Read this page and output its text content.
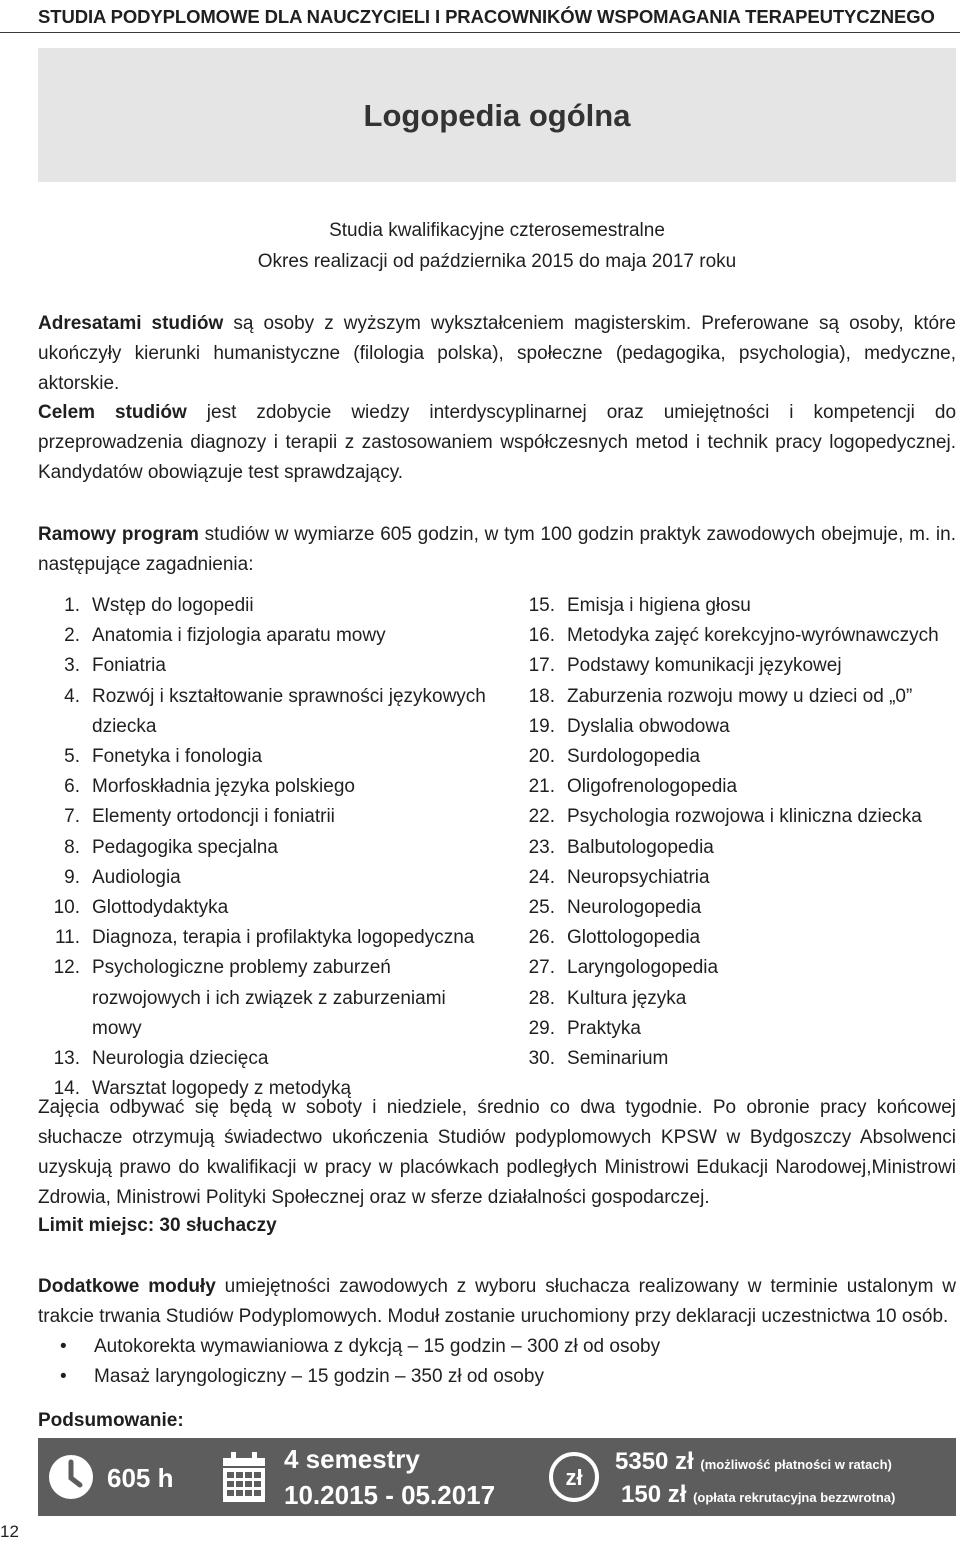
STUDIA PODYPLOMOWE DLA NAUCZYCIELI I PRACOWNIKÓW WSPOMAGANIA TERAPEUTYCZNEGO
Logopedia ogólna
Studia kwalifikacyjne czterosemestralne
Okres realizacji od października 2015 do maja 2017 roku

Adresatami studiów są osoby z wyższym wykształceniem magisterskim. Preferowane są osoby, które ukończyły kierunki humanistyczne (filologia polska), społeczne (pedagogika, psychologia), medyczne, aktorskie.

Celem studiów jest zdobycie wiedzy interdyscyplinarnej oraz umiejętności i kompetencji do przeprowadzenia diagnozy i terapii z zastosowaniem współczesnych metod i technik pracy logopedycznej. Kandydatów obowiązuje test sprawdzający.

Ramowy program studiów w wymiarze 605 godzin, w tym 100 godzin praktyk zawodowych obejmuje, m. in. następujące zagadnienia:

1. Wstęp do logopedii
2. Anatomia i fizjologia aparatu mowy
3. Foniatria
4. Rozwój i kształtowanie sprawności językowych dziecka
5. Fonetyka i fonologia
6. Morfoskładnia języka polskiego
7. Elementy ortodoncji i foniatrii
8. Pedagogika specjalna
9. Audiologia
10. Glottodydaktyka
11. Diagnoza, terapia i profilaktyka logopedyczna
12. Psychologiczne problemy zaburzeń rozwojowych i ich związek z zaburzeniami mowy
13. Neurologia dziecięca
14. Warsztat logopedy z metodyką
15. Emisja i higiena głosu
16. Metodyka zajęć korekcyjno-wyrównawczych
17. Podstawy komunikacji językowej
18. Zaburzenia rozwoju mowy u dzieci od „0”
19. Dyslalia obwodowa
20. Surdologopedia
21. Oligofrenologopedia
22. Psychologia rozwojowa i kliniczna dziecka
23. Balbutologopedia
24. Neuropsychiatria
25. Neurologopedia
26. Glottologopedia
27. Laryngologopedia
28. Kultura języka
29. Praktyka
30. Seminarium

Zajęcia odbywać się będą w soboty i niedziele, średnio co dwa tygodnie. Po obronie pracy końcowej słuchacze otrzymują świadectwo ukończenia Studiów podyplomowych KPSW w Bydgoszczy Absolwenci uzyskują prawo do kwalifikacji w pracy w placówkach podległych Ministrowi Edukacji Narodowej,Ministrowi Zdrowia, Ministrowi Polityki Społecznej oraz w sferze działalności gospodarczej.

Limit miejsc: 30 słuchaczy

Dodatkowe moduły umiejętności zawodowych z wyboru słuchacza realizowany w terminie ustalonym w trakcie trwania Studiów Podyplomowych. Moduł zostanie uruchomiony przy deklaracji uczestnictwa 10 osób.

• Autokorekta wymawianiowa z dykcją – 15 godzin – 300 zł od osoby
• Masaż laryngologiczny – 15 godzin – 350 zł od osoby
Podsumowanie:
605 h
4 semestry
10.2015 - 05.2017
zł
5350 zł (możliwość płatności w ratach)
150 zł (opłata rekrutacyjna bezzwrotna)
12
